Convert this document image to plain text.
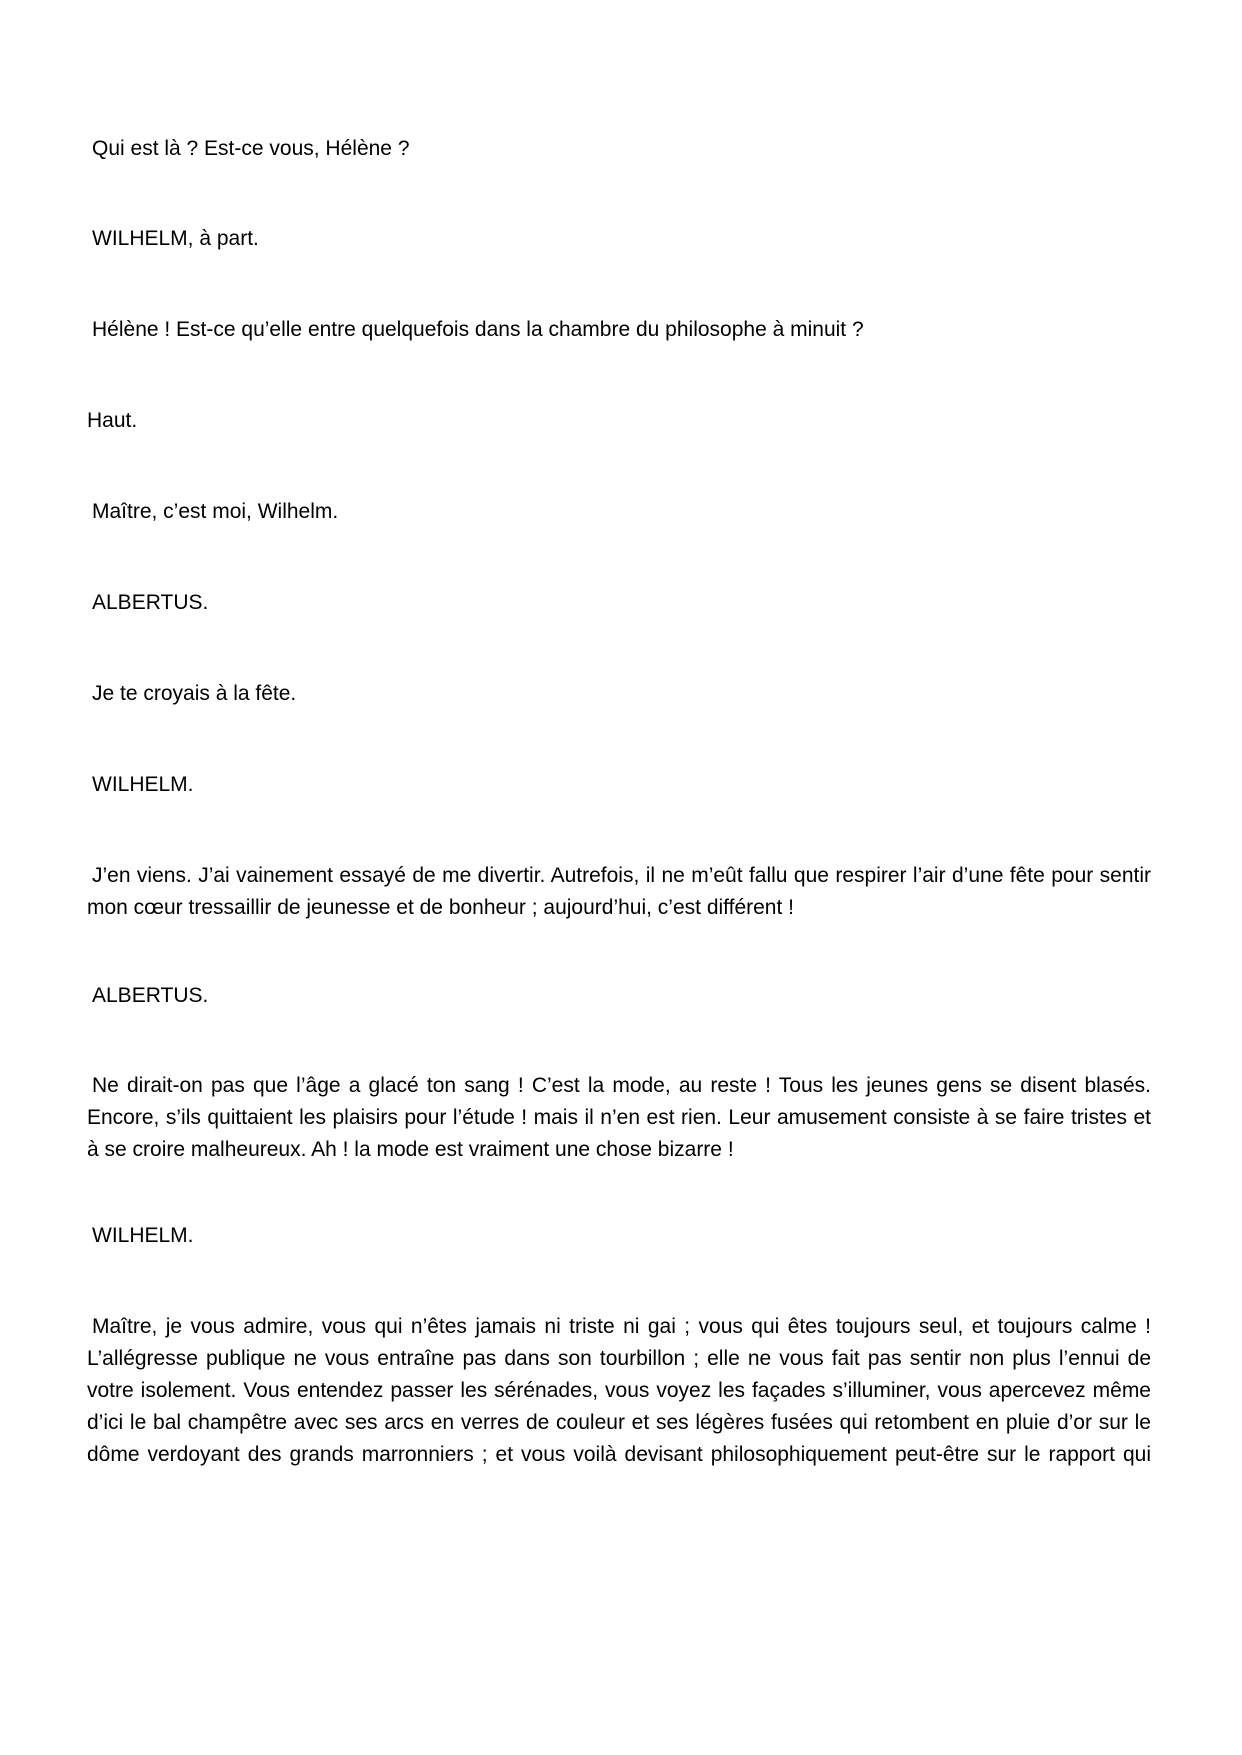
Qui est là ? Est-ce vous, Hélène ?

WILHELM, à part.

Hélène ! Est-ce qu’elle entre quelquefois dans la chambre du philosophe à minuit ?

Haut.

Maître, c’est moi, Wilhelm.

ALBERTUS.

Je te croyais à la fête.

WILHELM.

J’en viens. J’ai vainement essayé de me divertir. Autrefois, il ne m’eût fallu que respirer l’air d’une fête pour sentir
mon cœur tressaillir de jeunesse et de bonheur ; aujourd’hui, c’est différent !

ALBERTUS.

Ne dirait-on pas que l’âge a glacé ton sang ! C’est la mode, au reste ! Tous les jeunes gens se disent blasés.
Encore, s’ils quittaient les plaisirs pour l’étude ! mais il n’en est rien. Leur amusement consiste à se faire tristes et
à se croire malheureux. Ah ! la mode est vraiment une chose bizarre !

WILHELM.

Maître, je vous admire, vous qui n’êtes jamais ni triste ni gai ; vous qui êtes toujours seul, et toujours calme !
L’allégresse publique ne vous entraîne pas dans son tourbillon ; elle ne vous fait pas sentir non plus l’ennui de
votre isolement. Vous entendez passer les sérénades, vous voyez les façades s’illuminer, vous apercevez même
d’ici le bal champêtre avec ses arcs en verres de couleur et ses légères fusées qui retombent en pluie d’or sur le
dôme verdoyant des grands marronniers ; et vous voilà devisant philosophiquement peut-être sur le rapport qui
